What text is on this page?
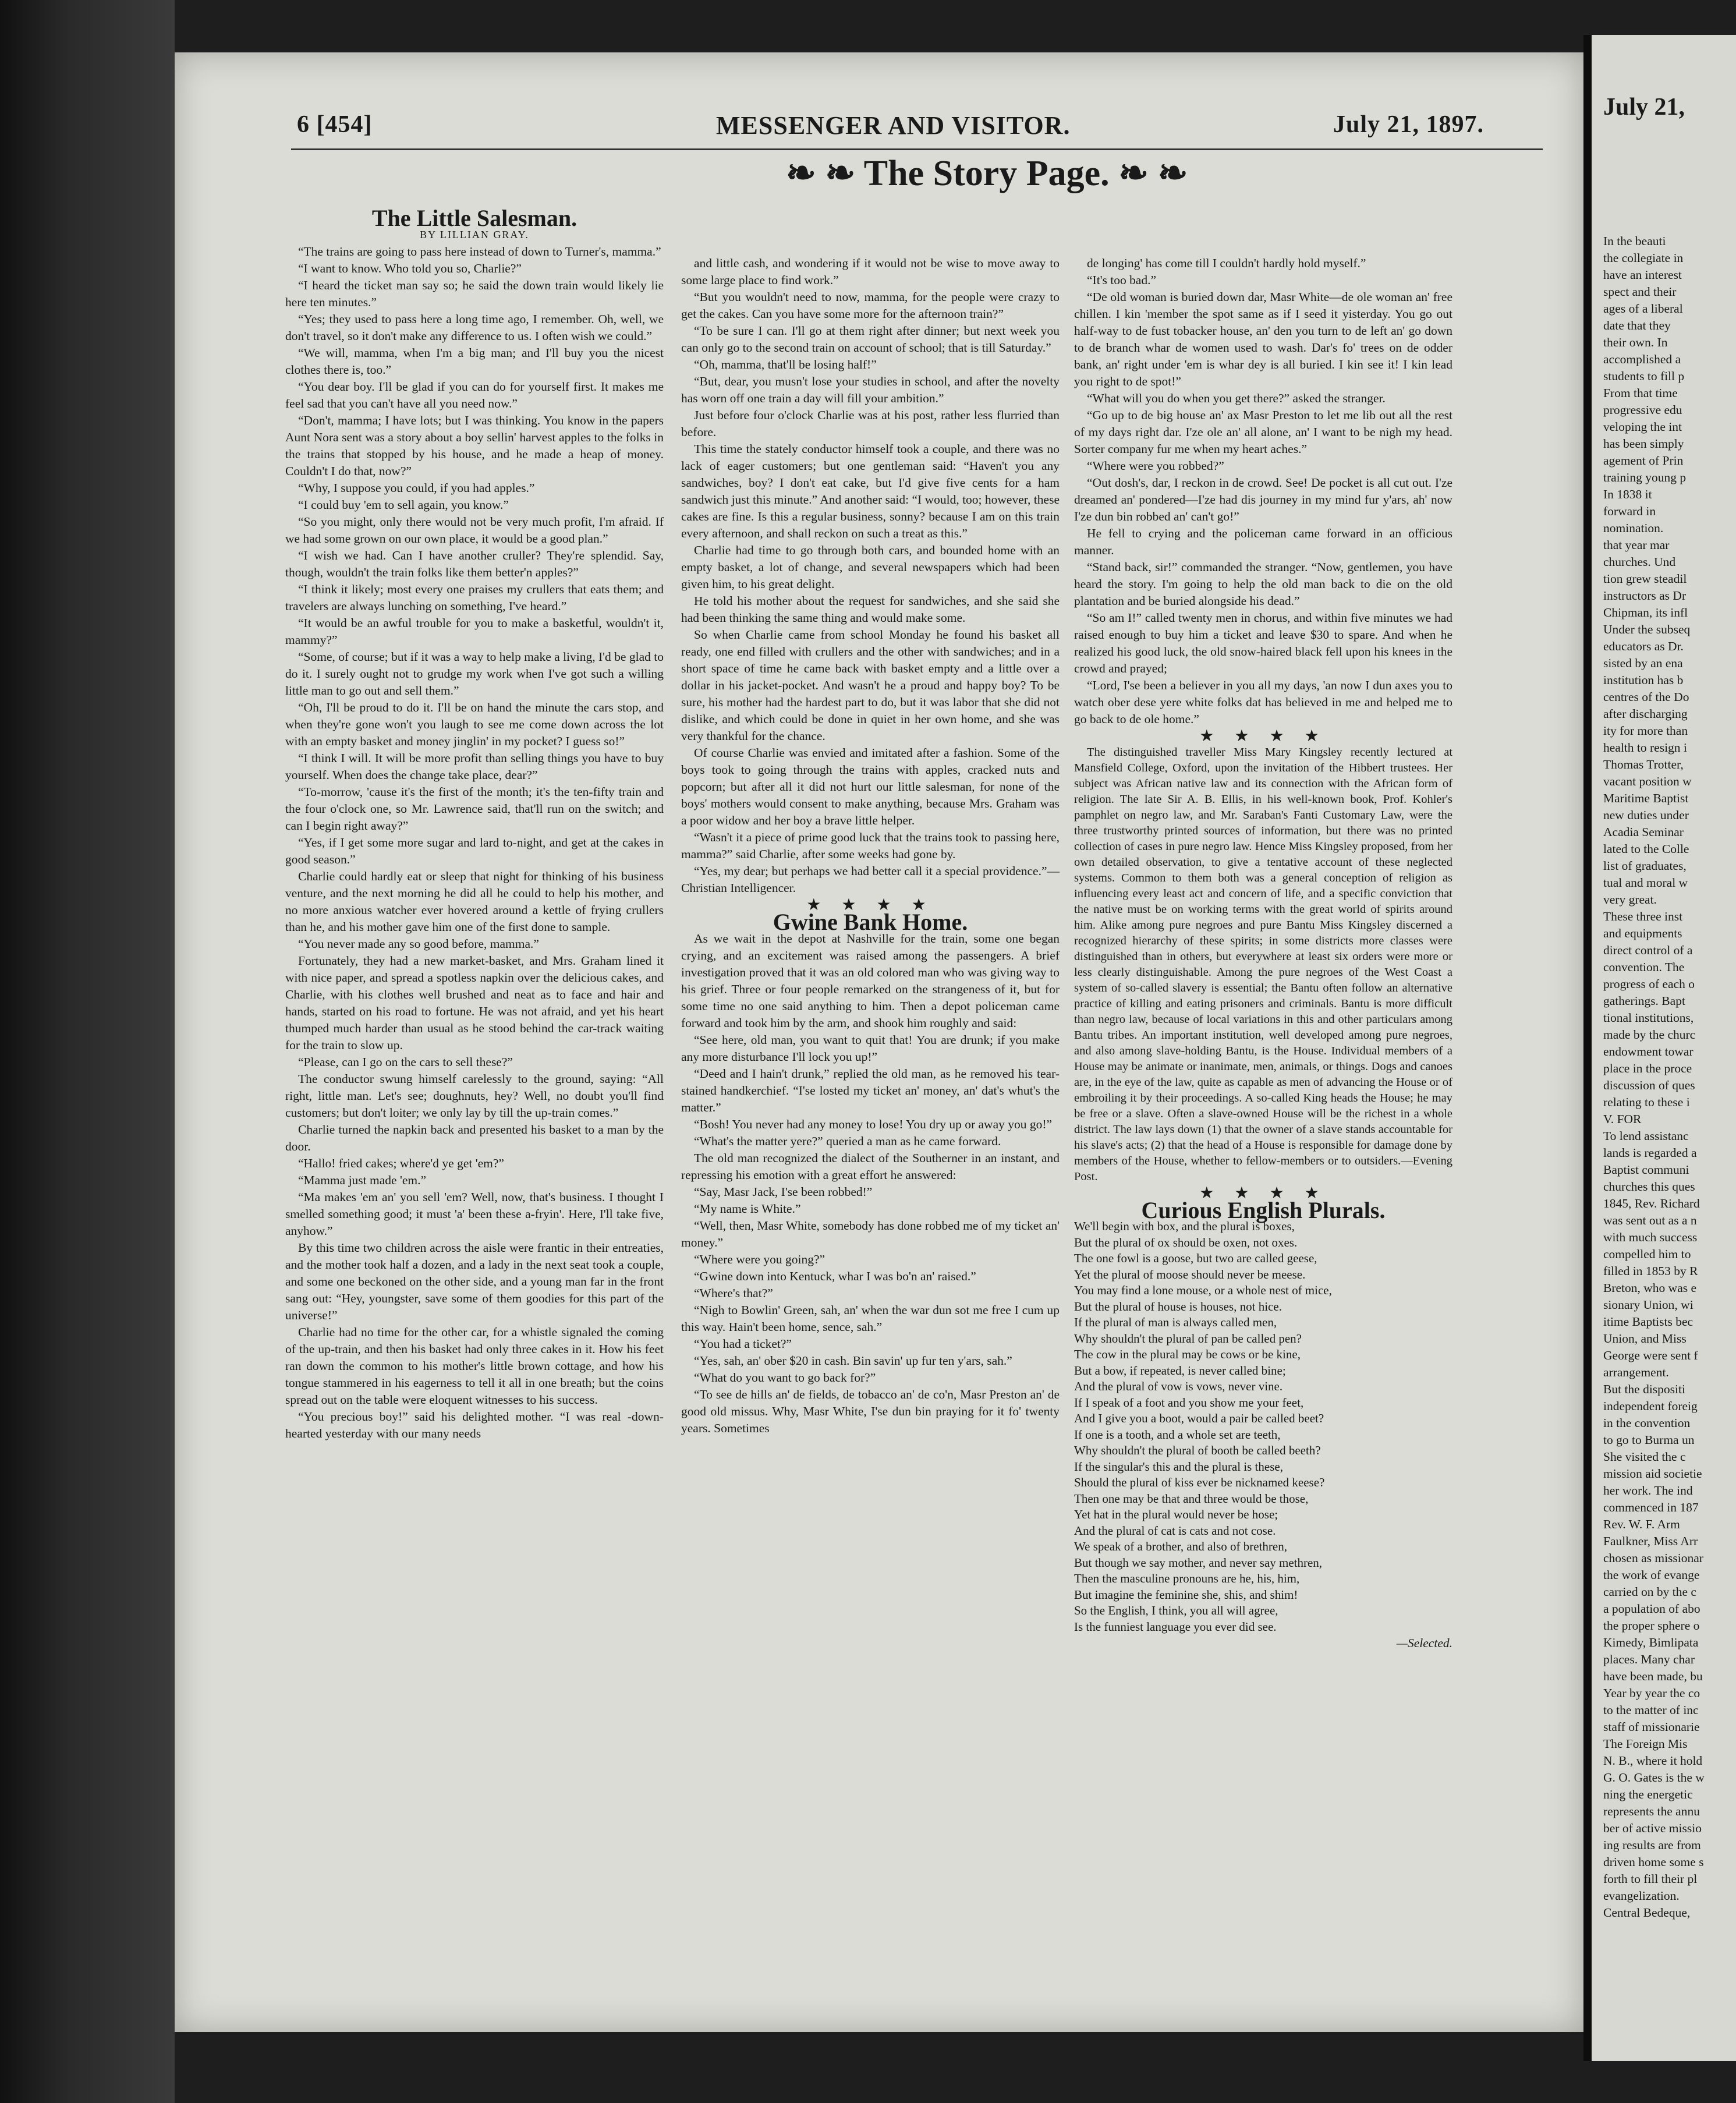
6 [454]	MESSENGER AND VISITOR.	July 21, 1897.
❧ ❧ The Story Page. ❧ ❧

The Little Salesman.

BY LILLIAN GRAY.

“The trains are going to pass here instead of down to Turner's, mamma.”

“I want to know. Who told you so, Charlie?”

“I heard the ticket man say so; he said the down train would likely lie here ten minutes.”

“Yes; they used to pass here a long time ago, I remember. Oh, well, we don't travel, so it don't make any difference to us. I often wish we could.”

“We will, mamma, when I'm a big man; and I'll buy you the nicest clothes there is, too.”

“You dear boy. I'll be glad if you can do for yourself first. It makes me feel sad that you can't have all you need now.”

“Don't, mamma; I have lots; but I was thinking. You know in the papers Aunt Nora sent was a story about a boy sellin' harvest apples to the folks in the trains that stopped by his house, and he made a heap of money. Couldn't I do that, now?”

“Why, I suppose you could, if you had apples.”

“I could buy 'em to sell again, you know.”

“So you might, only there would not be very much profit, I'm afraid. If we had some grown on our own place, it would be a good plan.”

“I wish we had. Can I have another cruller? They're splendid. Say, though, wouldn't the train folks like them better'n apples?”

“I think it likely; most every one praises my crullers that eats them; and travelers are always lunching on something, I've heard.”

“It would be an awful trouble for you to make a basketful, wouldn't it, mammy?”

“Some, of course; but if it was a way to help make a living, I'd be glad to do it. I surely ought not to grudge my work when I've got such a willing little man to go out and sell them.”

“Oh, I'll be proud to do it. I'll be on hand the minute the cars stop, and when they're gone won't you laugh to see me come down across the lot with an empty basket and money jinglin' in my pocket? I guess so!”

“I think I will. It will be more profit than selling things you have to buy yourself. When does the change take place, dear?”

“To-morrow, 'cause it's the first of the month; it's the ten-fifty train and the four o'clock one, so Mr. Lawrence said, that'll run on the switch; and can I begin right away?”

“Yes, if I get some more sugar and lard to-night, and get at the cakes in good season.”

Charlie could hardly eat or sleep that night for thinking of his business venture, and the next morning he did all he could to help his mother, and no more anxious watcher ever hovered around a kettle of frying crullers than he, and his mother gave him one of the first done to sample.

“You never made any so good before, mamma.”

Fortunately, they had a new market-basket, and Mrs. Graham lined it with nice paper, and spread a spotless napkin over the delicious cakes, and Charlie, with his clothes well brushed and neat as to face and hair and hands, started on his road to fortune. He was not afraid, and yet his heart thumped much harder than usual as he stood behind the car-track waiting for the train to slow up.

“Please, can I go on the cars to sell these?”

The conductor swung himself carelessly to the ground, saying: “All right, little man. Let's see; doughnuts, hey? Well, no doubt you'll find customers; but don't loiter; we only lay by till the up-train comes.”

Charlie turned the napkin back and presented his basket to a man by the door.

“Hallo! fried cakes; where'd ye get 'em?”

“Mamma just made 'em.”

“Ma makes 'em an' you sell 'em? Well, now, that's business. I thought I smelled something good; it must 'a' been these a-fryin'. Here, I'll take five, anyhow.”

By this time two children across the aisle were frantic in their entreaties, and the mother took half a dozen, and a lady in the next seat took a couple, and some one beckoned on the other side, and a young man far in the front sang out: “Hey, youngster, save some of them goodies for this part of the universe!”

Charlie had no time for the other car, for a whistle signaled the coming of the up-train, and then his basket had only three cakes in it. How his feet ran down the common to his mother's little brown cottage, and how his tongue stammered in his eagerness to tell it all in one breath; but the coins spread out on the table were eloquent witnesses to his success.

“You precious boy!” said his delighted mother. “I was real -down-hearted yesterday with our many needs

and little cash, and wondering if it would not be wise to move away to some large place to find work.”

“But you wouldn't need to now, mamma, for the people were crazy to get the cakes. Can you have some more for the afternoon train?”

“To be sure I can. I'll go at them right after dinner; but next week you can only go to the second train on account of school; that is till Saturday.”

“Oh, mamma, that'll be losing half!”

“But, dear, you musn't lose your studies in school, and after the novelty has worn off one train a day will fill your ambition.”

Just before four o'clock Charlie was at his post, rather less flurried than before.

This time the stately conductor himself took a couple, and there was no lack of eager customers; but one gentleman said: “Haven't you any sandwiches, boy? I don't eat cake, but I'd give five cents for a ham sandwich just this minute.” And another said: “I would, too; however, these cakes are fine. Is this a regular business, sonny? because I am on this train every afternoon, and shall reckon on such a treat as this.”

Charlie had time to go through both cars, and bounded home with an empty basket, a lot of change, and several newspapers which had been given him, to his great delight.

He told his mother about the request for sandwiches, and she said she had been thinking the same thing and would make some.

So when Charlie came from school Monday he found his basket all ready, one end filled with crullers and the other with sandwiches; and in a short space of time he came back with basket empty and a little over a dollar in his jacket-pocket. And wasn't he a proud and happy boy? To be sure, his mother had the hardest part to do, but it was labor that she did not dislike, and which could be done in quiet in her own home, and she was very thankful for the chance.

Of course Charlie was envied and imitated after a fashion. Some of the boys took to going through the trains with apples, cracked nuts and popcorn; but after all it did not hurt our little salesman, for none of the boys' mothers would consent to make anything, because Mrs. Graham was a poor widow and her boy a brave little helper.

“Wasn't it a piece of prime good luck that the trains took to passing here, mamma?” said Charlie, after some weeks had gone by.

“Yes, my dear; but perhaps we had better call it a special providence.”—Christian Intelligencer.

★ ★ ★ ★

Gwine Bank Home.

As we wait in the depot at Nashville for the train, some one began crying, and an excitement was raised among the passengers. A brief investigation proved that it was an old colored man who was giving way to his grief. Three or four people remarked on the strangeness of it, but for some time no one said anything to him. Then a depot policeman came forward and took him by the arm, and shook him roughly and said:

“See here, old man, you want to quit that! You are drunk; if you make any more disturbance I'll lock you up!”

“Deed and I hain't drunk,” replied the old man, as he removed his tear-stained handkerchief. “I'se losted my ticket an' money, an' dat's whut's the matter.”

“Bosh! You never had any money to lose! You dry up or away you go!”

“What's the matter yere?” queried a man as he came forward.

The old man recognized the dialect of the Southerner in an instant, and repressing his emotion with a great effort he answered:

“Say, Masr Jack, I'se been robbed!”

“My name is White.”

“Well, then, Masr White, somebody has done robbed me of my ticket an' money.”

“Where were you going?”

“Gwine down into Kentuck, whar I was bo'n an' raised.”

“Where's that?”

“Nigh to Bowlin' Green, sah, an' when the war dun sot me free I cum up this way. Hain't been home, sence, sah.”

“You had a ticket?”

“Yes, sah, an' ober $20 in cash. Bin savin' up fur ten y'ars, sah.”

“What do you want to go back for?”

“To see de hills an' de fields, de tobacco an' de co'n, Masr Preston an' de good old missus. Why, Masr White, I'se dun bin praying for it fo' twenty years. Sometimes

de longing' has come till I couldn't hardly hold myself.”

“It's too bad.”

“De old woman is buried down dar, Masr White—de ole woman an' free chillen. I kin 'member the spot same as if I seed it yisterday. You go out half-way to de fust tobacker house, an' den you turn to de left an' go down to de branch whar de women used to wash. Dar's fo' trees on de odder bank, an' right under 'em is whar dey is all buried. I kin see it! I kin lead you right to de spot!”

“What will you do when you get there?” asked the stranger.

“Go up to de big house an' ax Masr Preston to let me lib out all the rest of my days right dar. I'ze ole an' all alone, an' I want to be nigh my head. Sorter company fur me when my heart aches.”

“Where were you robbed?”

“Out dosh's, dar, I reckon in de crowd. See! De pocket is all cut out. I'ze dreamed an' pondered—I'ze had dis journey in my mind fur y'ars, ah' now I'ze dun bin robbed an' can't go!”

He fell to crying and the policeman came forward in an officious manner.

“Stand back, sir!” commanded the stranger. “Now, gentlemen, you have heard the story. I'm going to help the old man back to die on the old plantation and be buried alongside his dead.”

“So am I!” called twenty men in chorus, and within five minutes we had raised enough to buy him a ticket and leave $30 to spare. And when he realized his good luck, the old snow-haired black fell upon his knees in the crowd and prayed;

“Lord, I'se been a believer in you all my days, 'an now I dun axes you to watch ober dese yere white folks dat has believed in me and helped me to go back to de ole home.”

★ ★ ★ ★

The distinguished traveller Miss Mary Kingsley recently lectured at Mansfield College, Oxford, upon the invitation of the Hibbert trustees. Her subject was African native law and its connection with the African form of religion. The late Sir A. B. Ellis, in his well-known book, Prof. Kohler's pamphlet on negro law, and Mr. Saraban's Fanti Customary Law, were the three trustworthy printed sources of information, but there was no printed collection of cases in pure negro law. Hence Miss Kingsley proposed, from her own detailed observation, to give a tentative account of these neglected systems. Common to them both was a general conception of religion as influencing every least act and concern of life, and a specific conviction that the native must be on working terms with the great world of spirits around him. Alike among pure negroes and pure Bantu Miss Kingsley discerned a recognized hierarchy of these spirits; in some districts more classes were distinguished than in others, but everywhere at least six orders were more or less clearly distinguishable. Among the pure negroes of the West Coast a system of so-called slavery is essential; the Bantu often follow an alternative practice of killing and eating prisoners and criminals. Bantu is more difficult than negro law, because of local variations in this and other particulars among Bantu tribes. An important institution, well developed among pure negroes, and also among slave-holding Bantu, is the House. Individual members of a House may be animate or inanimate, men, animals, or things. Dogs and canoes are, in the eye of the law, quite as capable as men of advancing the House or of embroiling it by their proceedings. A so-called King heads the House; he may be free or a slave. Often a slave-owned House will be the richest in a whole district. The law lays down (1) that the owner of a slave stands accountable for his slave's acts; (2) that the head of a House is responsible for damage done by members of the House, whether to fellow-members or to outsiders.—Evening Post.

★ ★ ★ ★

Curious English Plurals.

We'll begin with box, and the plural is boxes,
But the plural of ox should be oxen, not oxes.
The one fowl is a goose, but two are called geese,
Yet the plural of moose should never be meese.
You may find a lone mouse, or a whole nest of mice,
But the plural of house is houses, not hice.
If the plural of man is always called men,
Why shouldn't the plural of pan be called pen?
The cow in the plural may be cows or be kine,
But a bow, if repeated, is never called bine;
And the plural of vow is vows, never vine.
If I speak of a foot and you show me your feet,
And I give you a boot, would a pair be called beet?
If one is a tooth, and a whole set are teeth,
Why shouldn't the plural of booth be called beeth?
If the singular's this and the plural is these,
Should the plural of kiss ever be nicknamed keese?
Then one may be that and three would be those,
Yet hat in the plural would never be hose;
And the plural of cat is cats and not cose.
We speak of a brother, and also of brethren,
But though we say mother, and never say methren,
Then the masculine pronouns are he, his, him,
But imagine the feminine she, shis, and shim!
So the English, I think, you all will agree,
Is the funniest language you ever did see.

—Selected.

July 21,
In the beauti
the collegiate in
have an interest
spect and their
ages of a liberal
date that they
their own. In
accomplished a
students to fill p
From that time
progressive edu
veloping the int
has been simply
agement of Prin
training young p
In 1838 it
forward in
nomination.
that year mar
churches. Und
tion grew steadil
instructors as Dr
Chipman, its infl
Under the subseq
educators as Dr.
sisted by an ena
institution has b
centres of the Do
after discharging
ity for more than
health to resign i
Thomas Trotter,
vacant position w
Maritime Baptist
new duties under
Acadia Seminar
lated to the Colle
list of graduates,
tual and moral w
very great.
These three inst
and equipments
direct control of a
convention. The
progress of each o
gatherings. Bapt
tional institutions,
made by the churc
endowment towar
place in the proce
discussion of ques
relating to these i
V. FOR
To lend assistanc
lands is regarded a
Baptist communi
churches this ques
1845, Rev. Richard
was sent out as a n
with much success
compelled him to
filled in 1853 by R
Breton, who was e
sionary Union, wi
itime Baptists bec
Union, and Miss
George were sent f
arrangement.
But the dispositi
independent foreig
in the convention
to go to Burma un
She visited the c
mission aid societie
her work. The ind
commenced in 187
Rev. W. F. Arm
Faulkner, Miss Arr
chosen as missionar
the work of evange
carried on by the c
a population of abo
the proper sphere o
Kimedy, Bimlipata
places. Many char
have been made, bu
Year by year the co
to the matter of inc
staff of missionarie
The Foreign Mis
N. B., where it hold
G. O. Gates is the w
ning the energetic
represents the annu
ber of active missio
ing results are from
driven home some s
forth to fill their pl
evangelization.
Central Bedeque,
